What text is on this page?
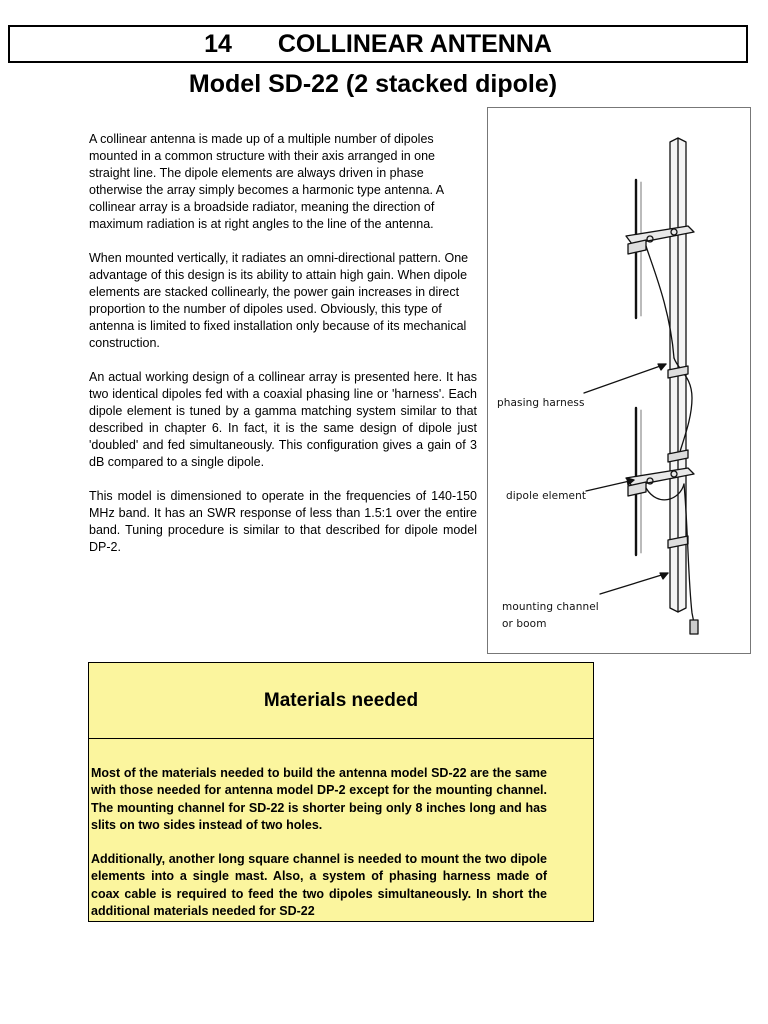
14 COLLINEAR ANTENNA
Model SD-22 (2 stacked dipole)

A collinear antenna is made up of a multiple number of dipoles mounted in a common structure with their axis arranged in one straight line. The dipole elements are always driven in phase otherwise the array simply becomes a harmonic type antenna. A collinear array is a broadside radiator, meaning the direction of maximum radiation is at right angles to the line of the antenna.

When mounted vertically, it radiates an omni-directional pattern. One advantage of this design is its ability to attain high gain. When dipole elements are stacked collinearly, the power gain increases in direct proportion to the number of dipoles used. Obviously, this type of antenna is limited to fixed installation only because of its mechanical construction.

An actual working design of a collinear array is presented here. It has two identical dipoles fed with a coaxial phasing line or 'harness'. Each dipole element is tuned by a gamma matching system similar to that described in chapter 6. In fact, it is the same design of dipole just 'doubled' and fed simultaneously. This configuration gives a gain of 3 dB compared to a single dipole.

This model is dimensioned to operate in the frequencies of 140-150 MHz band. It has an SWR response of less than 1.5:1 over the entire band. Tuning procedure is similar to that described for dipole model DP-2.

phasing harness
dipole element
mounting channel
or boom
Materials needed

Most of the materials needed to build the antenna model SD-22 are the same with those needed for antenna model DP-2 except for the mounting channel. The mounting channel for SD-22 is shorter being only 8 inches long and has slits on two sides instead of two holes.

Additionally, another long square channel is needed to mount the two dipole elements into a single mast. Also, a system of phasing harness made of coax cable is required to feed the two dipoles simultaneously. In short the additional materials needed for SD-22
